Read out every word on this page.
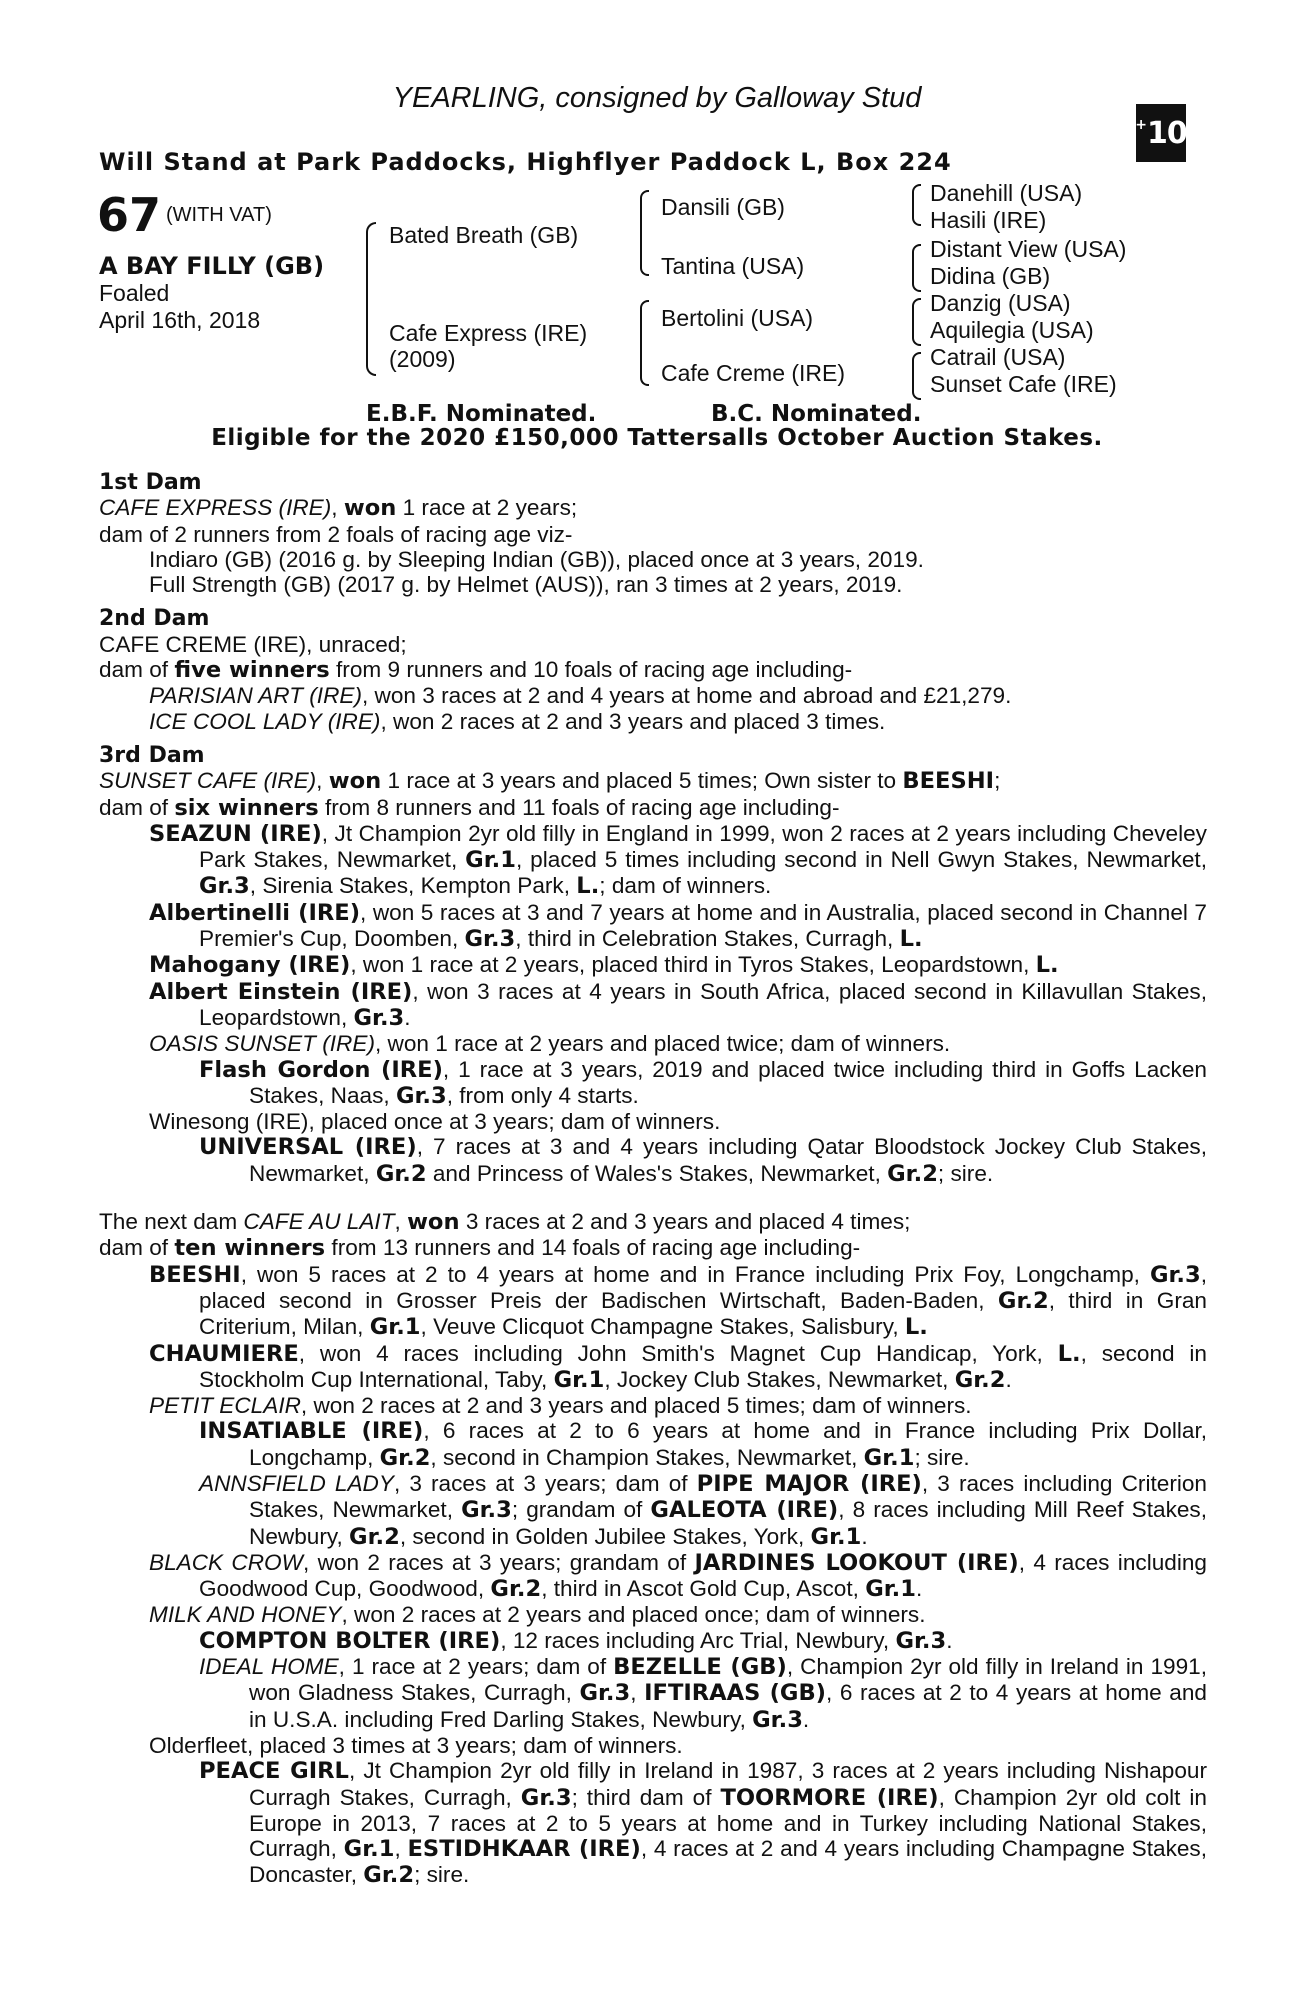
YEARLING, consigned by Galloway Stud
+ 10
Will Stand at Park Paddocks, Highflyer Paddock L, Box 224
67 (WITH VAT)
A BAY FILLY (GB)
Foaled
April 16th, 2018
Bated Breath (GB)
Cafe Express (IRE)
(2009)
Dansili (GB)
Tantina (USA)
Bertolini (USA)
Cafe Creme (IRE)
Danehill (USA)
Hasili (IRE)
Distant View (USA)
Didina (GB)
Danzig (USA)
Aquilegia (USA)
Catrail (USA)
Sunset Cafe (IRE)
E.B.F. Nominated.	B.C. Nominated.
Eligible for the 2020 £150,000 Tattersalls October Auction Stakes.
1st Dam
CAFE EXPRESS (IRE), won 1 race at 2 years;
dam of 2 runners from 2 foals of racing age viz-
Indiaro (GB) (2016 g. by Sleeping Indian (GB)), placed once at 3 years, 2019.
Full Strength (GB) (2017 g. by Helmet (AUS)), ran 3 times at 2 years, 2019.
2nd Dam
CAFE CREME (IRE), unraced;
dam of five winners from 9 runners and 10 foals of racing age including-
PARISIAN ART (IRE), won 3 races at 2 and 4 years at home and abroad and £21,279.
ICE COOL LADY (IRE), won 2 races at 2 and 3 years and placed 3 times.
3rd Dam
SUNSET CAFE (IRE), won 1 race at 3 years and placed 5 times; Own sister to BEESHI;
dam of six winners from 8 runners and 11 foals of racing age including-
SEAZUN (IRE), Jt Champion 2yr old filly in England in 1999, won 2 races at 2 years including Cheveley Park Stakes, Newmarket, Gr.1, placed 5 times including second in Nell Gwyn Stakes, Newmarket, Gr.3, Sirenia Stakes, Kempton Park, L.; dam of winners.
Albertinelli (IRE), won 5 races at 3 and 7 years at home and in Australia, placed second in Channel 7 Premier's Cup, Doomben, Gr.3, third in Celebration Stakes, Curragh, L.
Mahogany (IRE), won 1 race at 2 years, placed third in Tyros Stakes, Leopardstown, L.
Albert Einstein (IRE), won 3 races at 4 years in South Africa, placed second in Killavullan Stakes, Leopardstown, Gr.3.
OASIS SUNSET (IRE), won 1 race at 2 years and placed twice; dam of winners.
Flash Gordon (IRE), 1 race at 3 years, 2019 and placed twice including third in Goffs Lacken Stakes, Naas, Gr.3, from only 4 starts.
Winesong (IRE), placed once at 3 years; dam of winners.
UNIVERSAL (IRE), 7 races at 3 and 4 years including Qatar Bloodstock Jockey Club Stakes, Newmarket, Gr.2 and Princess of Wales's Stakes, Newmarket, Gr.2; sire.
The next dam CAFE AU LAIT, won 3 races at 2 and 3 years and placed 4 times;
dam of ten winners from 13 runners and 14 foals of racing age including-
BEESHI, won 5 races at 2 to 4 years at home and in France including Prix Foy, Longchamp, Gr.3, placed second in Grosser Preis der Badischen Wirtschaft, Baden-Baden, Gr.2, third in Gran Criterium, Milan, Gr.1, Veuve Clicquot Champagne Stakes, Salisbury, L.
CHAUMIERE, won 4 races including John Smith's Magnet Cup Handicap, York, L., second in Stockholm Cup International, Taby, Gr.1, Jockey Club Stakes, Newmarket, Gr.2.
PETIT ECLAIR, won 2 races at 2 and 3 years and placed 5 times; dam of winners.
INSATIABLE (IRE), 6 races at 2 to 6 years at home and in France including Prix Dollar, Longchamp, Gr.2, second in Champion Stakes, Newmarket, Gr.1; sire.
ANNSFIELD LADY, 3 races at 3 years; dam of PIPE MAJOR (IRE), 3 races including Criterion Stakes, Newmarket, Gr.3; grandam of GALEOTA (IRE), 8 races including Mill Reef Stakes, Newbury, Gr.2, second in Golden Jubilee Stakes, York, Gr.1.
BLACK CROW, won 2 races at 3 years; grandam of JARDINES LOOKOUT (IRE), 4 races including Goodwood Cup, Goodwood, Gr.2, third in Ascot Gold Cup, Ascot, Gr.1.
MILK AND HONEY, won 2 races at 2 years and placed once; dam of winners.
COMPTON BOLTER (IRE), 12 races including Arc Trial, Newbury, Gr.3.
IDEAL HOME, 1 race at 2 years; dam of BEZELLE (GB), Champion 2yr old filly in Ireland in 1991, won Gladness Stakes, Curragh, Gr.3, IFTIRAAS (GB), 6 races at 2 to 4 years at home and in U.S.A. including Fred Darling Stakes, Newbury, Gr.3.
Olderfleet, placed 3 times at 3 years; dam of winners.
PEACE GIRL, Jt Champion 2yr old filly in Ireland in 1987, 3 races at 2 years including Nishapour Curragh Stakes, Curragh, Gr.3; third dam of TOORMORE (IRE), Champion 2yr old colt in Europe in 2013, 7 races at 2 to 5 years at home and in Turkey including National Stakes, Curragh, Gr.1, ESTIDHKAAR (IRE), 4 races at 2 and 4 years including Champagne Stakes, Doncaster, Gr.2; sire.
